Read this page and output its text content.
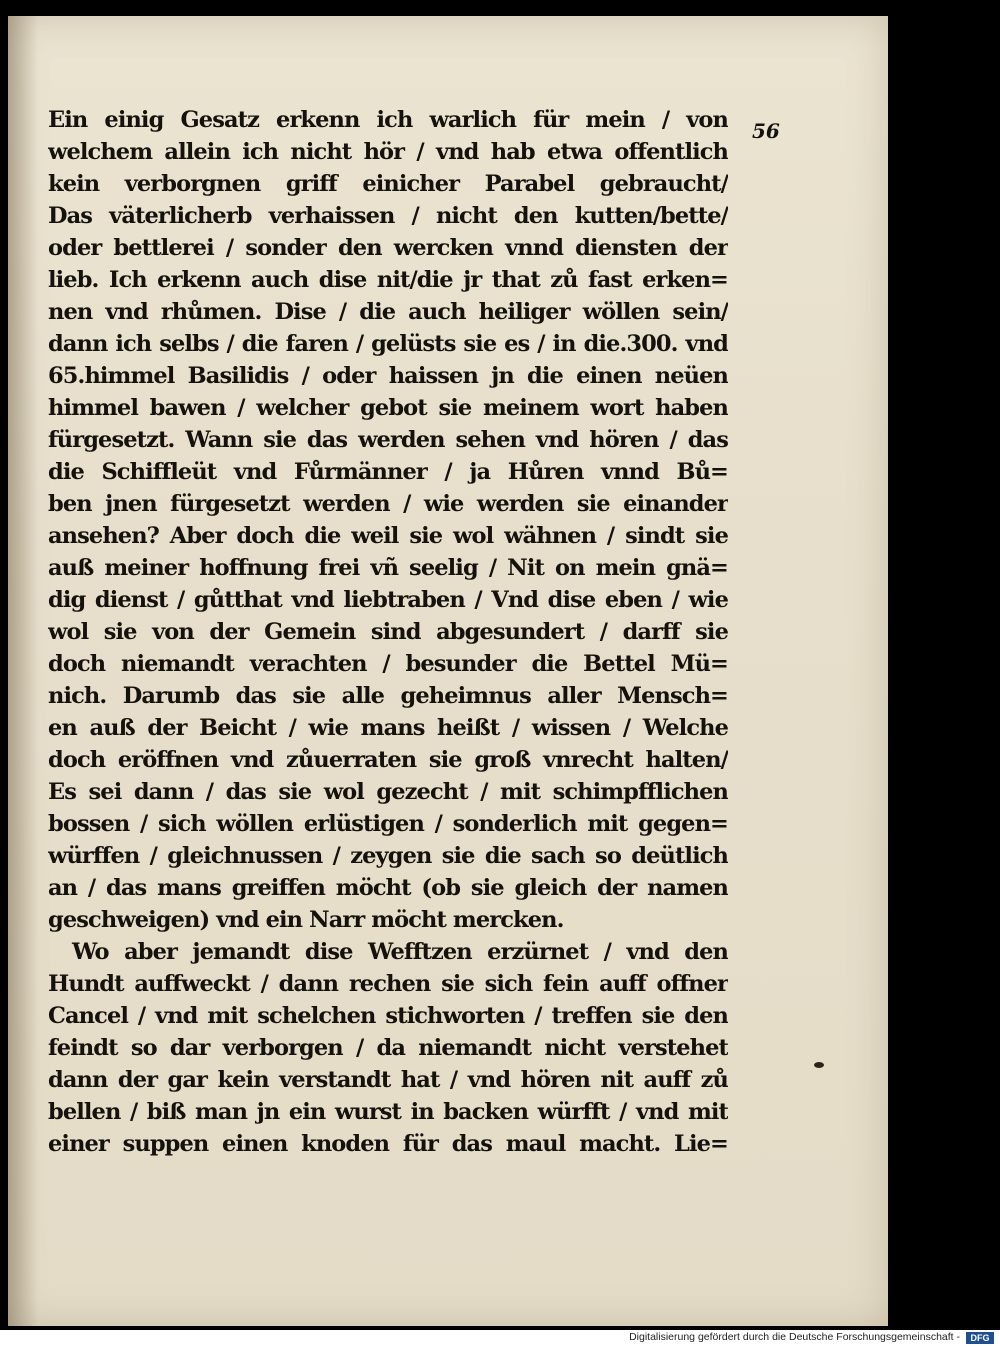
56
Ein einig Gesatz erkenn ich warlich für mein / von
welchem allein ich nicht hör / vnd hab etwa offentlich
kein verborgnen griff einicher Parabel gebraucht/
Das väterlicherb verhaissen / nicht den kutten/bette/
oder bettlerei / sonder den wercken vnnd diensten der
lieb. Ich erkenn auch dise nit/die jr that zů fast erken=
nen vnd rhůmen. Dise / die auch heiliger wöllen sein/
dann ich selbs / die faren / gelüsts sie es / in die.300. vnd
65.himmel Basilidis / oder haissen jn die einen neüen
himmel bawen / welcher gebot sie meinem wort haben
fürgesetzt. Wann sie das werden sehen vnd hören / das
die Schiffleüt vnd Fůrmänner / ja Hůren vnnd Bů=
ben jnen fürgesetzt werden / wie werden sie einander
ansehen? Aber doch die weil sie wol wähnen / sindt sie
auß meiner hoffnung frei vñ seelig / Nit on mein gnä=
dig dienst / gůtthat vnd liebtraben / Vnd dise eben / wie
wol sie von der Gemein sind abgesundert / darff sie
doch niemandt verachten / besunder die Bettel Mü=
nich. Darumb das sie alle geheimnus aller Mensch=
en auß der Beicht / wie mans heißt / wissen / Welche
doch eröffnen vnd zůuerraten sie groß vnrecht halten/
Es sei dann / das sie wol gezecht / mit schimpfflichen
bossen / sich wöllen erlüstigen / sonderlich mit gegen=
würffen / gleichnussen / zeygen sie die sach so deütlich
an / das mans greiffen möcht (ob sie gleich der namen
geschweigen) vnd ein Narr möcht mercken.
Wo aber jemandt dise Wefftzen erzürnet / vnd den
Hundt auffweckt / dann rechen sie sich fein auff offner
Cancel / vnd mit schelchen stichworten / treffen sie den
feindt so dar verborgen / da niemandt nicht verstehet
dann der gar kein verstandt hat / vnd hören nit auff zů
bellen / biß man jn ein wurst in backen würfft / vnd mit
einer suppen einen knoden für das maul macht. Lie=
Digitalisierung gefördert durch die Deutsche Forschungsgemeinschaft -	DFG
